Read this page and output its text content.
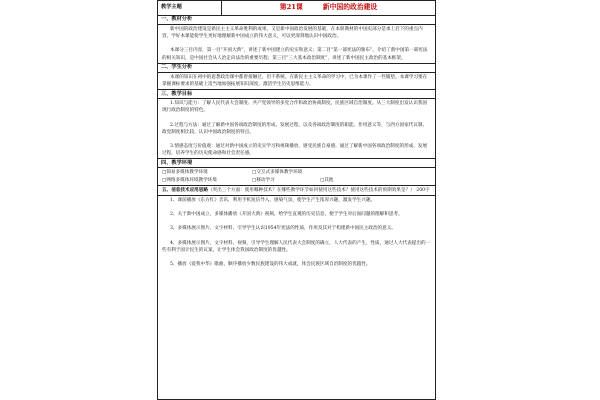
教学主题	第21课	新中国的政治建设
一、教材分析

新中国的政治建设是新民主主义革命胜利的成果，又是新中国政治发展的基础，在本册教材的中国史部分是承上启下的重点内容，学好本课能使学生更好地理解新中国成立的伟大意义，可以更深刻地认识中国政治。

本课分三目内容，第一目“开国大典”，讲述了新中国建立的史实和意义；第二目“第一部宪法的颁布”，介绍了新中国第一部宪法的相关知识，是中国社会从人治走向法治的重要历程；第三目“三大基本政治制度”，讲述了新中国民主政治的基本框架。

二、学生分析

本课的知识在初中的思想政治课中都曾接触过，但不系统。在新民主主义革命的学习中，已为本课作了一些铺垫。本课学习要在掌握课标要求的基础上适当地加强拓展知识深度，激活学生历史思维能力。

三、教学目标

1.知识与能力：了解人民代表大会制度、共产党领导的多党合作和政治协商制度、民族区域自治制度。从三大制度出发认识我国现行政治制度的特色。

2.过程与方法：通过了解新中国各项政治制度的形成、发展过程，以及各项政治制度的职能、作用意义等，与西方国家代议制、政党制度相比较，认识中国政治制度的特点。

3.情感态度与价值观：通过对新中国成立的史实学习和视频播放，感受民族自豪感。通过了解新中国各项政治制度的形成、发展过程，培养学生的历史使命感和社会责任感。

四、教学环境
□简易多媒体教学环境	□交互式多媒体教学环境
□网络多媒体环境教学环境	□移动学习	□其他
五、信息技术应用思路（突出三个方面：使用哪种技术？在哪些教学环节如何使用这些技术？使用这些技术的预期效果是？） 200字

1、课前播放《东方红》音乐，利用手机短信导入，感染气氛，使学生产生浓厚兴趣，激发学生兴趣。

2、关于新中国成立，多媒体播放《开国大典》视频，给学生直观的历史信息，便于学生对后面问题的理解和思考。

3、多媒体展示图片、文字材料，引导学生认识1954年宪法的性质，作用及其对于构建新中国民主政治的意义。

4、多媒体展示图片、文字材料、视频，引导学生理解人民代表大会制度的确立，人大代表的产生、性质，通过人大代表提出的一些有利于国计民生的议案，让学生体会我国政治制度的优越性。

5、播放《爱我中华》歌曲，顺序播放少数民族建设的伟大成就，体会民族区域自治制度的优越性。
